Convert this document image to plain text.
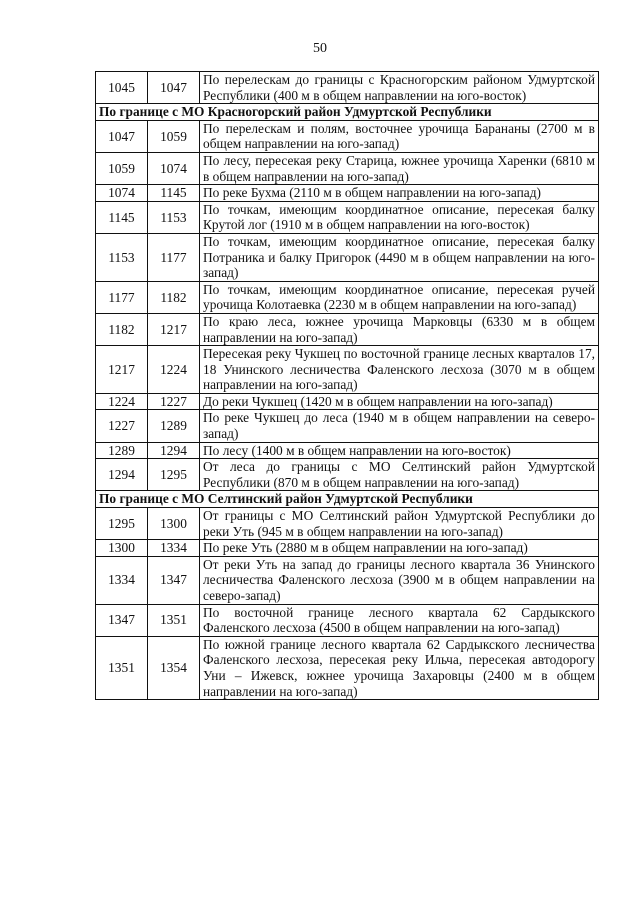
50
1045	1047	По перелескам до границы с Красногорским районом Удмуртской Республики (400 м в общем направлении на юго-восток)
По границе с МО Красногорский район Удмуртской Республики		
1047	1059	По перелескам и полям, восточнее урочища Барананы (2700 м в общем направлении на юго-запад)
1059	1074	По лесу, пересекая реку Старица, южнее урочища Харенки (6810 м в общем направлении на юго-запад)
1074	1145	По реке Бухма (2110 м в общем направлении на юго-запад)
1145	1153	По точкам, имеющим координатное описание, пересекая балку Крутой лог (1910 м в общем направлении на юго-восток)
1153	1177	По точкам, имеющим координатное описание, пересекая балку Потраника и балку Пригорок (4490 м в общем направлении на юго-запад)
1177	1182	По точкам, имеющим координатное описание, пересекая ручей урочища Колотаевка (2230 м в общем направлении на юго-запад)
1182	1217	По краю леса, южнее урочища Марковцы (6330 м в общем направлении на юго-запад)
1217	1224	Пересекая реку Чукшец по восточной границе лесных кварталов 17, 18 Унинского лесничества Фаленского лесхоза (3070 м в общем направлении на юго-запад)
1224	1227	До реки Чукшец (1420 м в общем направлении на юго-запад)
1227	1289	По реке Чукшец до леса (1940 м в общем направлении на северо-запад)
1289	1294	По лесу (1400 м в общем направлении на юго-восток)
1294	1295	От леса до границы с МО Селтинский район Удмуртской Республики (870 м в общем направлении на юго-запад)
По границе с МО Селтинский район Удмуртской Республики		
1295	1300	От границы с МО Селтинский район Удмуртской Республики до реки Уть (945 м в общем направлении на юго-запад)
1300	1334	По реке Уть (2880 м в общем направлении на юго-запад)
1334	1347	От реки Уть на запад до границы лесного квартала 36 Унинского лесничества Фаленского лесхоза (3900 м в общем направлении на северо-запад)
1347	1351	По восточной границе лесного квартала 62 Сардыкского Фаленского лесхоза (4500 в общем направлении на юго-запад)
1351	1354	По южной границе лесного квартала 62 Сардыкского лесничества Фаленского лесхоза, пересекая реку Ильча, пересекая автодорогу Уни – Ижевск, южнее урочища Захаровцы (2400 м в общем направлении на юго-запад)
